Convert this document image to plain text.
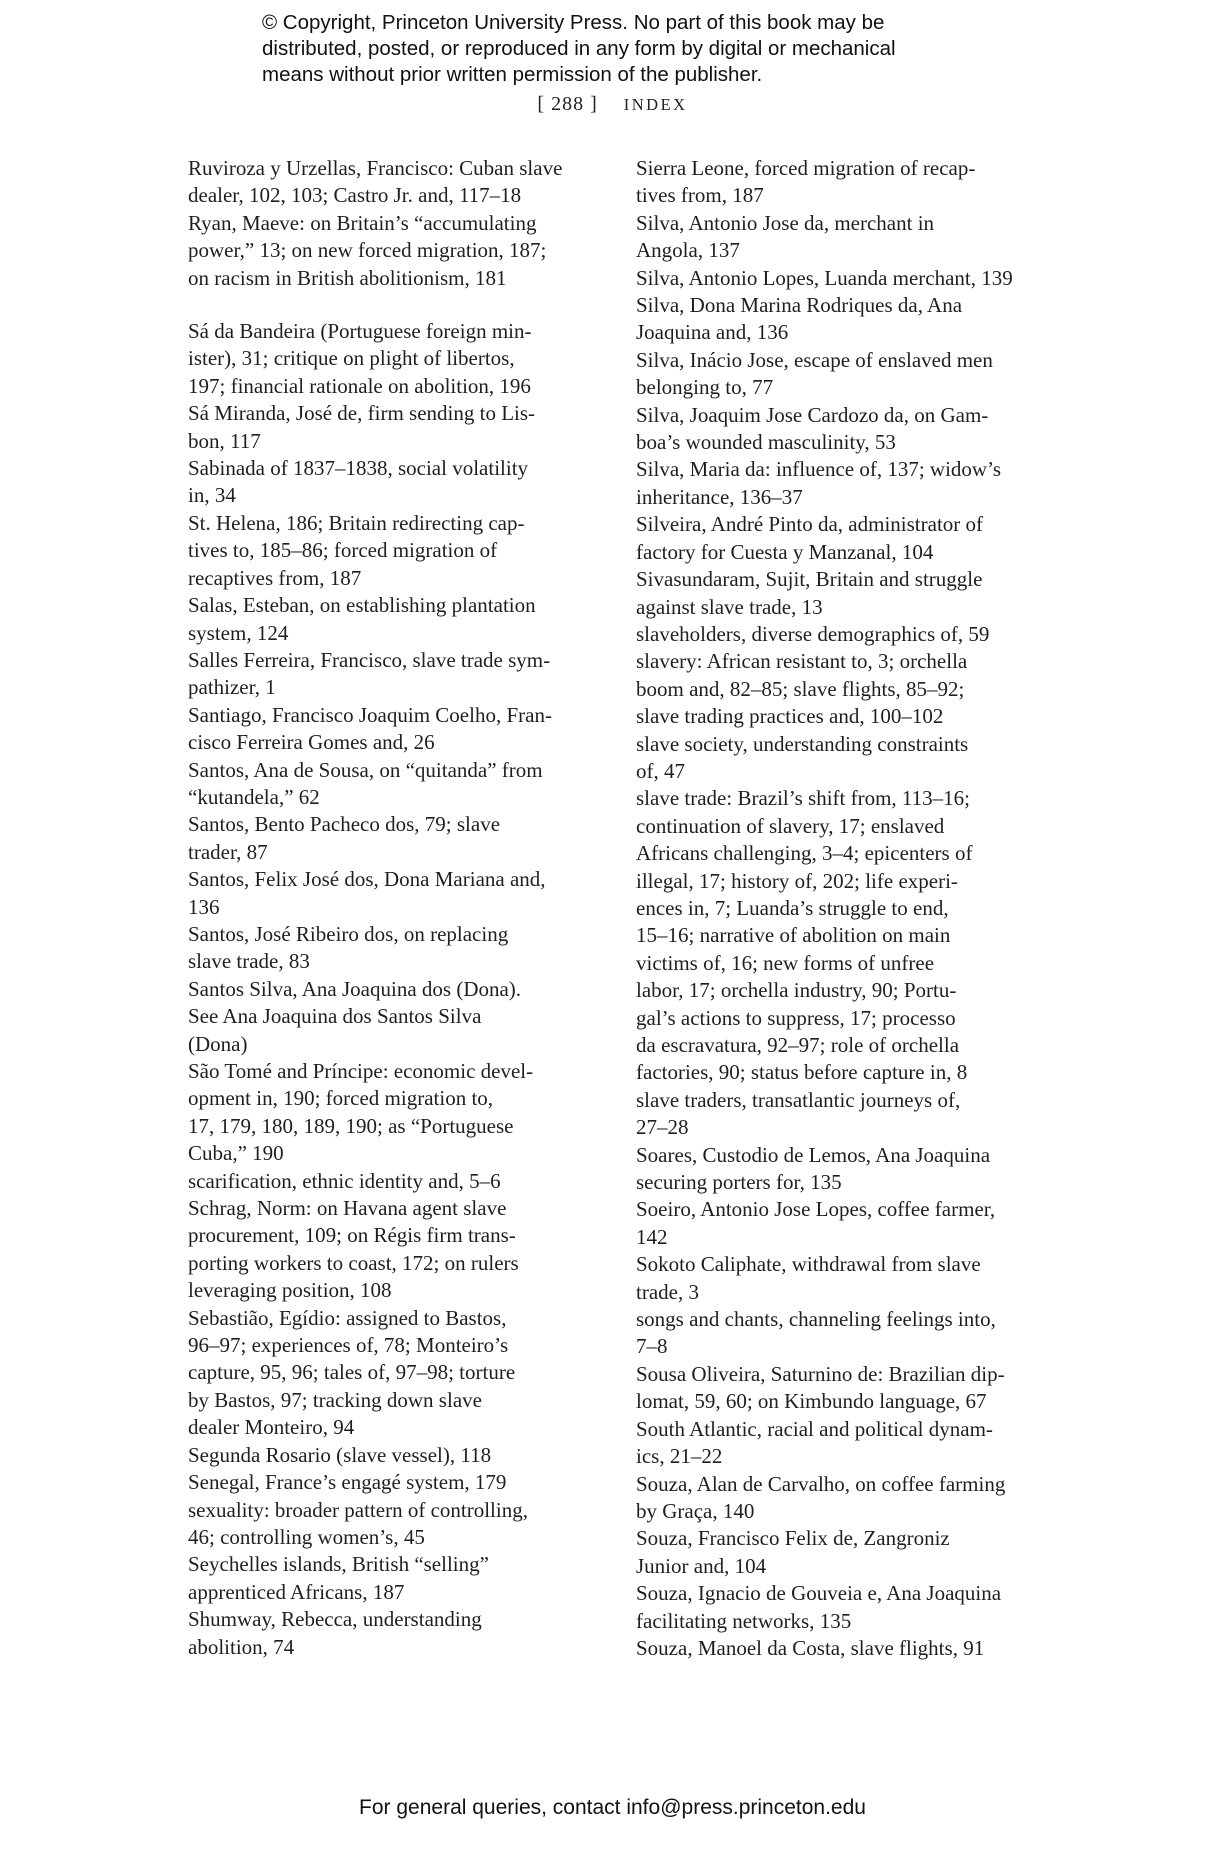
© Copyright, Princeton University Press. No part of this book may be
distributed, posted, or reproduced in any form by digital or mechanical
means without prior written permission of the publisher.
[ 288 ] INDEX
Ruviroza y Urzellas, Francisco: Cuban slave
dealer, 102, 103; Castro Jr. and, 117–18
Ryan, Maeve: on Britain’s “accumulating
power,” 13; on new forced migration, 187;
on racism in British abolitionism, 181
Sá da Bandeira (Portuguese foreign min-
ister), 31; critique on plight of libertos,
197; financial rationale on abolition, 196
Sá Miranda, José de, firm sending to Lis-
bon, 117
Sabinada of 1837–1838, social volatility
in, 34
St. Helena, 186; Britain redirecting cap-
tives to, 185–86; forced migration of
recaptives from, 187
Salas, Esteban, on establishing plantation
system, 124
Salles Ferreira, Francisco, slave trade sym-
pathizer, 1
Santiago, Francisco Joaquim Coelho, Fran-
cisco Ferreira Gomes and, 26
Santos, Ana de Sousa, on “quitanda” from
“kutandela,” 62
Santos, Bento Pacheco dos, 79; slave
trader, 87
Santos, Felix José dos, Dona Mariana and,
136
Santos, José Ribeiro dos, on replacing
slave trade, 83
Santos Silva, Ana Joaquina dos (Dona).
See Ana Joaquina dos Santos Silva
(Dona)
São Tomé and Príncipe: economic devel-
opment in, 190; forced migration to,
17, 179, 180, 189, 190; as “Portuguese
Cuba,” 190
scarification, ethnic identity and, 5–6
Schrag, Norm: on Havana agent slave
procurement, 109; on Régis firm trans-
porting workers to coast, 172; on rulers
leveraging position, 108
Sebastião, Egídio: assigned to Bastos,
96–97; experiences of, 78; Monteiro’s
capture, 95, 96; tales of, 97–98; torture
by Bastos, 97; tracking down slave
dealer Monteiro, 94
Segunda Rosario (slave vessel), 118
Senegal, France’s engagé system, 179
sexuality: broader pattern of controlling,
46; controlling women’s, 45
Seychelles islands, British “selling”
apprenticed Africans, 187
Shumway, Rebecca, understanding
abolition, 74
Sierra Leone, forced migration of recap-
tives from, 187
Silva, Antonio Jose da, merchant in
Angola, 137
Silva, Antonio Lopes, Luanda merchant, 139
Silva, Dona Marina Rodriques da, Ana
Joaquina and, 136
Silva, Inácio Jose, escape of enslaved men
belonging to, 77
Silva, Joaquim Jose Cardozo da, on Gam-
boa’s wounded masculinity, 53
Silva, Maria da: influence of, 137; widow’s
inheritance, 136–37
Silveira, André Pinto da, administrator of
factory for Cuesta y Manzanal, 104
Sivasundaram, Sujit, Britain and struggle
against slave trade, 13
slaveholders, diverse demographics of, 59
slavery: African resistant to, 3; orchella
boom and, 82–85; slave flights, 85–92;
slave trading practices and, 100–102
slave society, understanding constraints
of, 47
slave trade: Brazil’s shift from, 113–16;
continuation of slavery, 17; enslaved
Africans challenging, 3–4; epicenters of
illegal, 17; history of, 202; life experi-
ences in, 7; Luanda’s struggle to end,
15–16; narrative of abolition on main
victims of, 16; new forms of unfree
labor, 17; orchella industry, 90; Portu-
gal’s actions to suppress, 17; processo
da escravatura, 92–97; role of orchella
factories, 90; status before capture in, 8
slave traders, transatlantic journeys of,
27–28
Soares, Custodio de Lemos, Ana Joaquina
securing porters for, 135
Soeiro, Antonio Jose Lopes, coffee farmer,
142
Sokoto Caliphate, withdrawal from slave
trade, 3
songs and chants, channeling feelings into,
7–8
Sousa Oliveira, Saturnino de: Brazilian dip-
lomat, 59, 60; on Kimbundo language, 67
South Atlantic, racial and political dynam-
ics, 21–22
Souza, Alan de Carvalho, on coffee farming
by Graça, 140
Souza, Francisco Felix de, Zangroniz
Junior and, 104
Souza, Ignacio de Gouveia e, Ana Joaquina
facilitating networks, 135
Souza, Manoel da Costa, slave flights, 91
For general queries, contact info@press.princeton.edu
